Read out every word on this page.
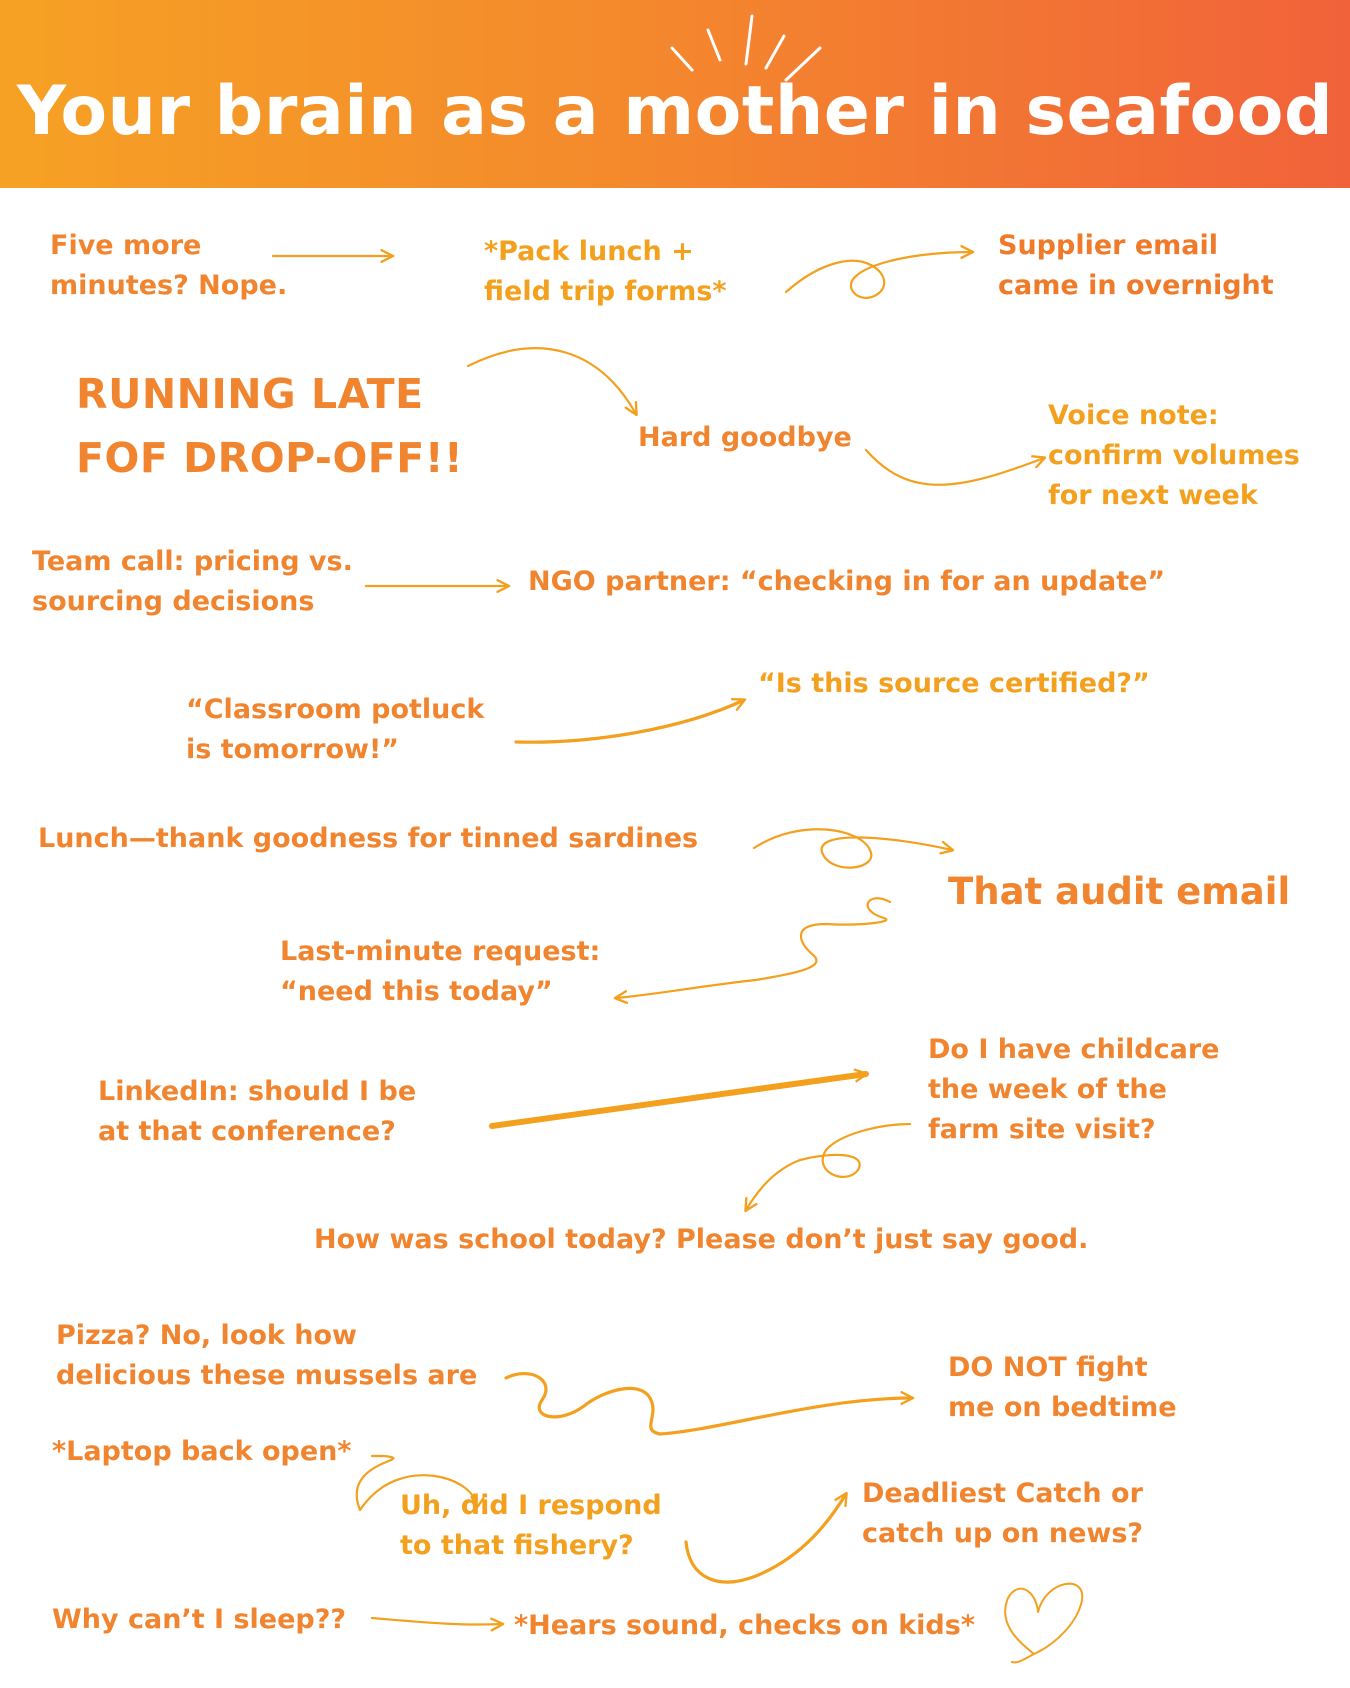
Your brain as a mother in seafood
Five more
minutes? Nope.
*Pack lunch +
field trip forms*
Supplier email
came in overnight
RUNNING LATE
FOF DROP-OFF!!	Hard goodbye
Voice note:
confirm volumes
for next week
Team call: pricing vs.
sourcing decisions
NGO partner: “checking in for an update”
“Classroom potluck
is tomorrow!”
“Is this source certified?”
Lunch—thank goodness for tinned sardines
That audit email
Last-minute request:
“need this today”
LinkedIn: should I be
at that conference?
Do I have childcare
the week of the
farm site visit?
How was school today? Please don’t just say good.
Pizza? No, look how
delicious these mussels are	DO NOT fight
me on bedtime
*Laptop back open*
Uh, did I respond
to that fishery?
Deadliest Catch or
catch up on news?
Why can’t I sleep??	*Hears sound, checks on kids*
